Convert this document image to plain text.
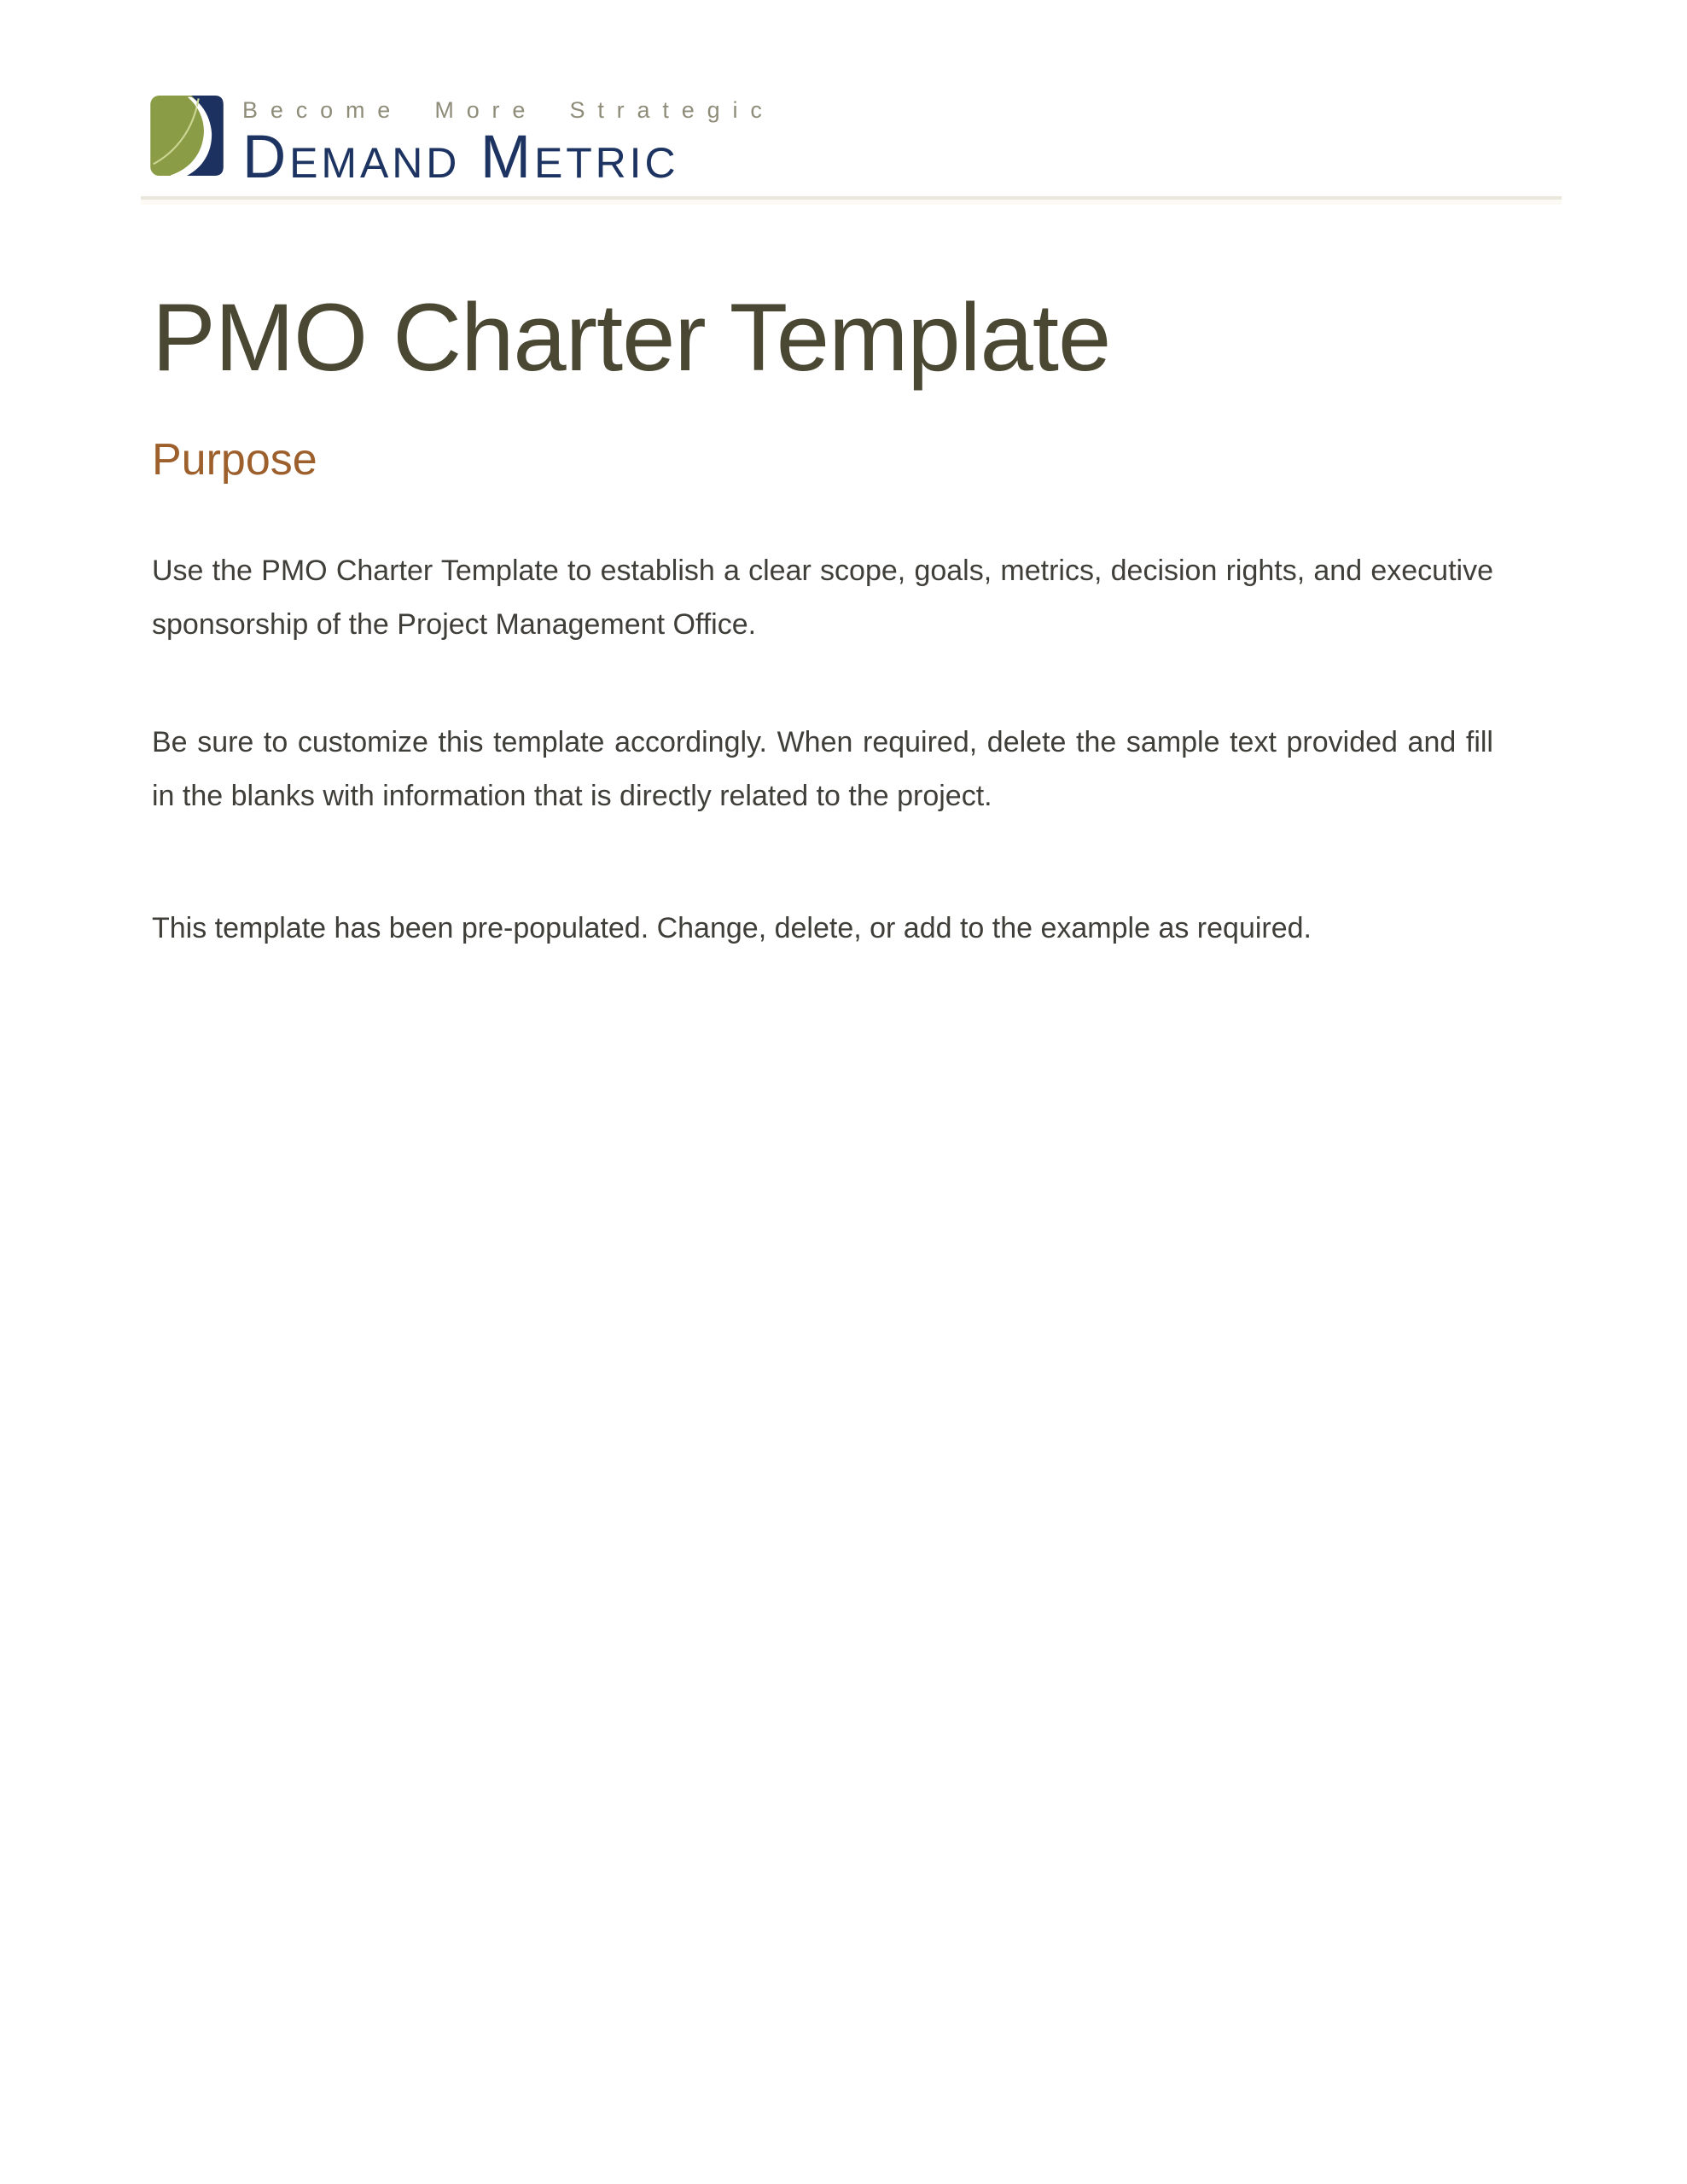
Become More Strategic
Demand Metric
PMO Charter Template
Purpose

Use the PMO Charter Template to establish a clear scope, goals, metrics, decision rights, and executive sponsorship of the Project Management Office.

Be sure to customize this template accordingly. When required, delete the sample text provided and fill in the blanks with information that is directly related to the project.

This template has been pre-populated. Change, delete, or add to the example as required.
